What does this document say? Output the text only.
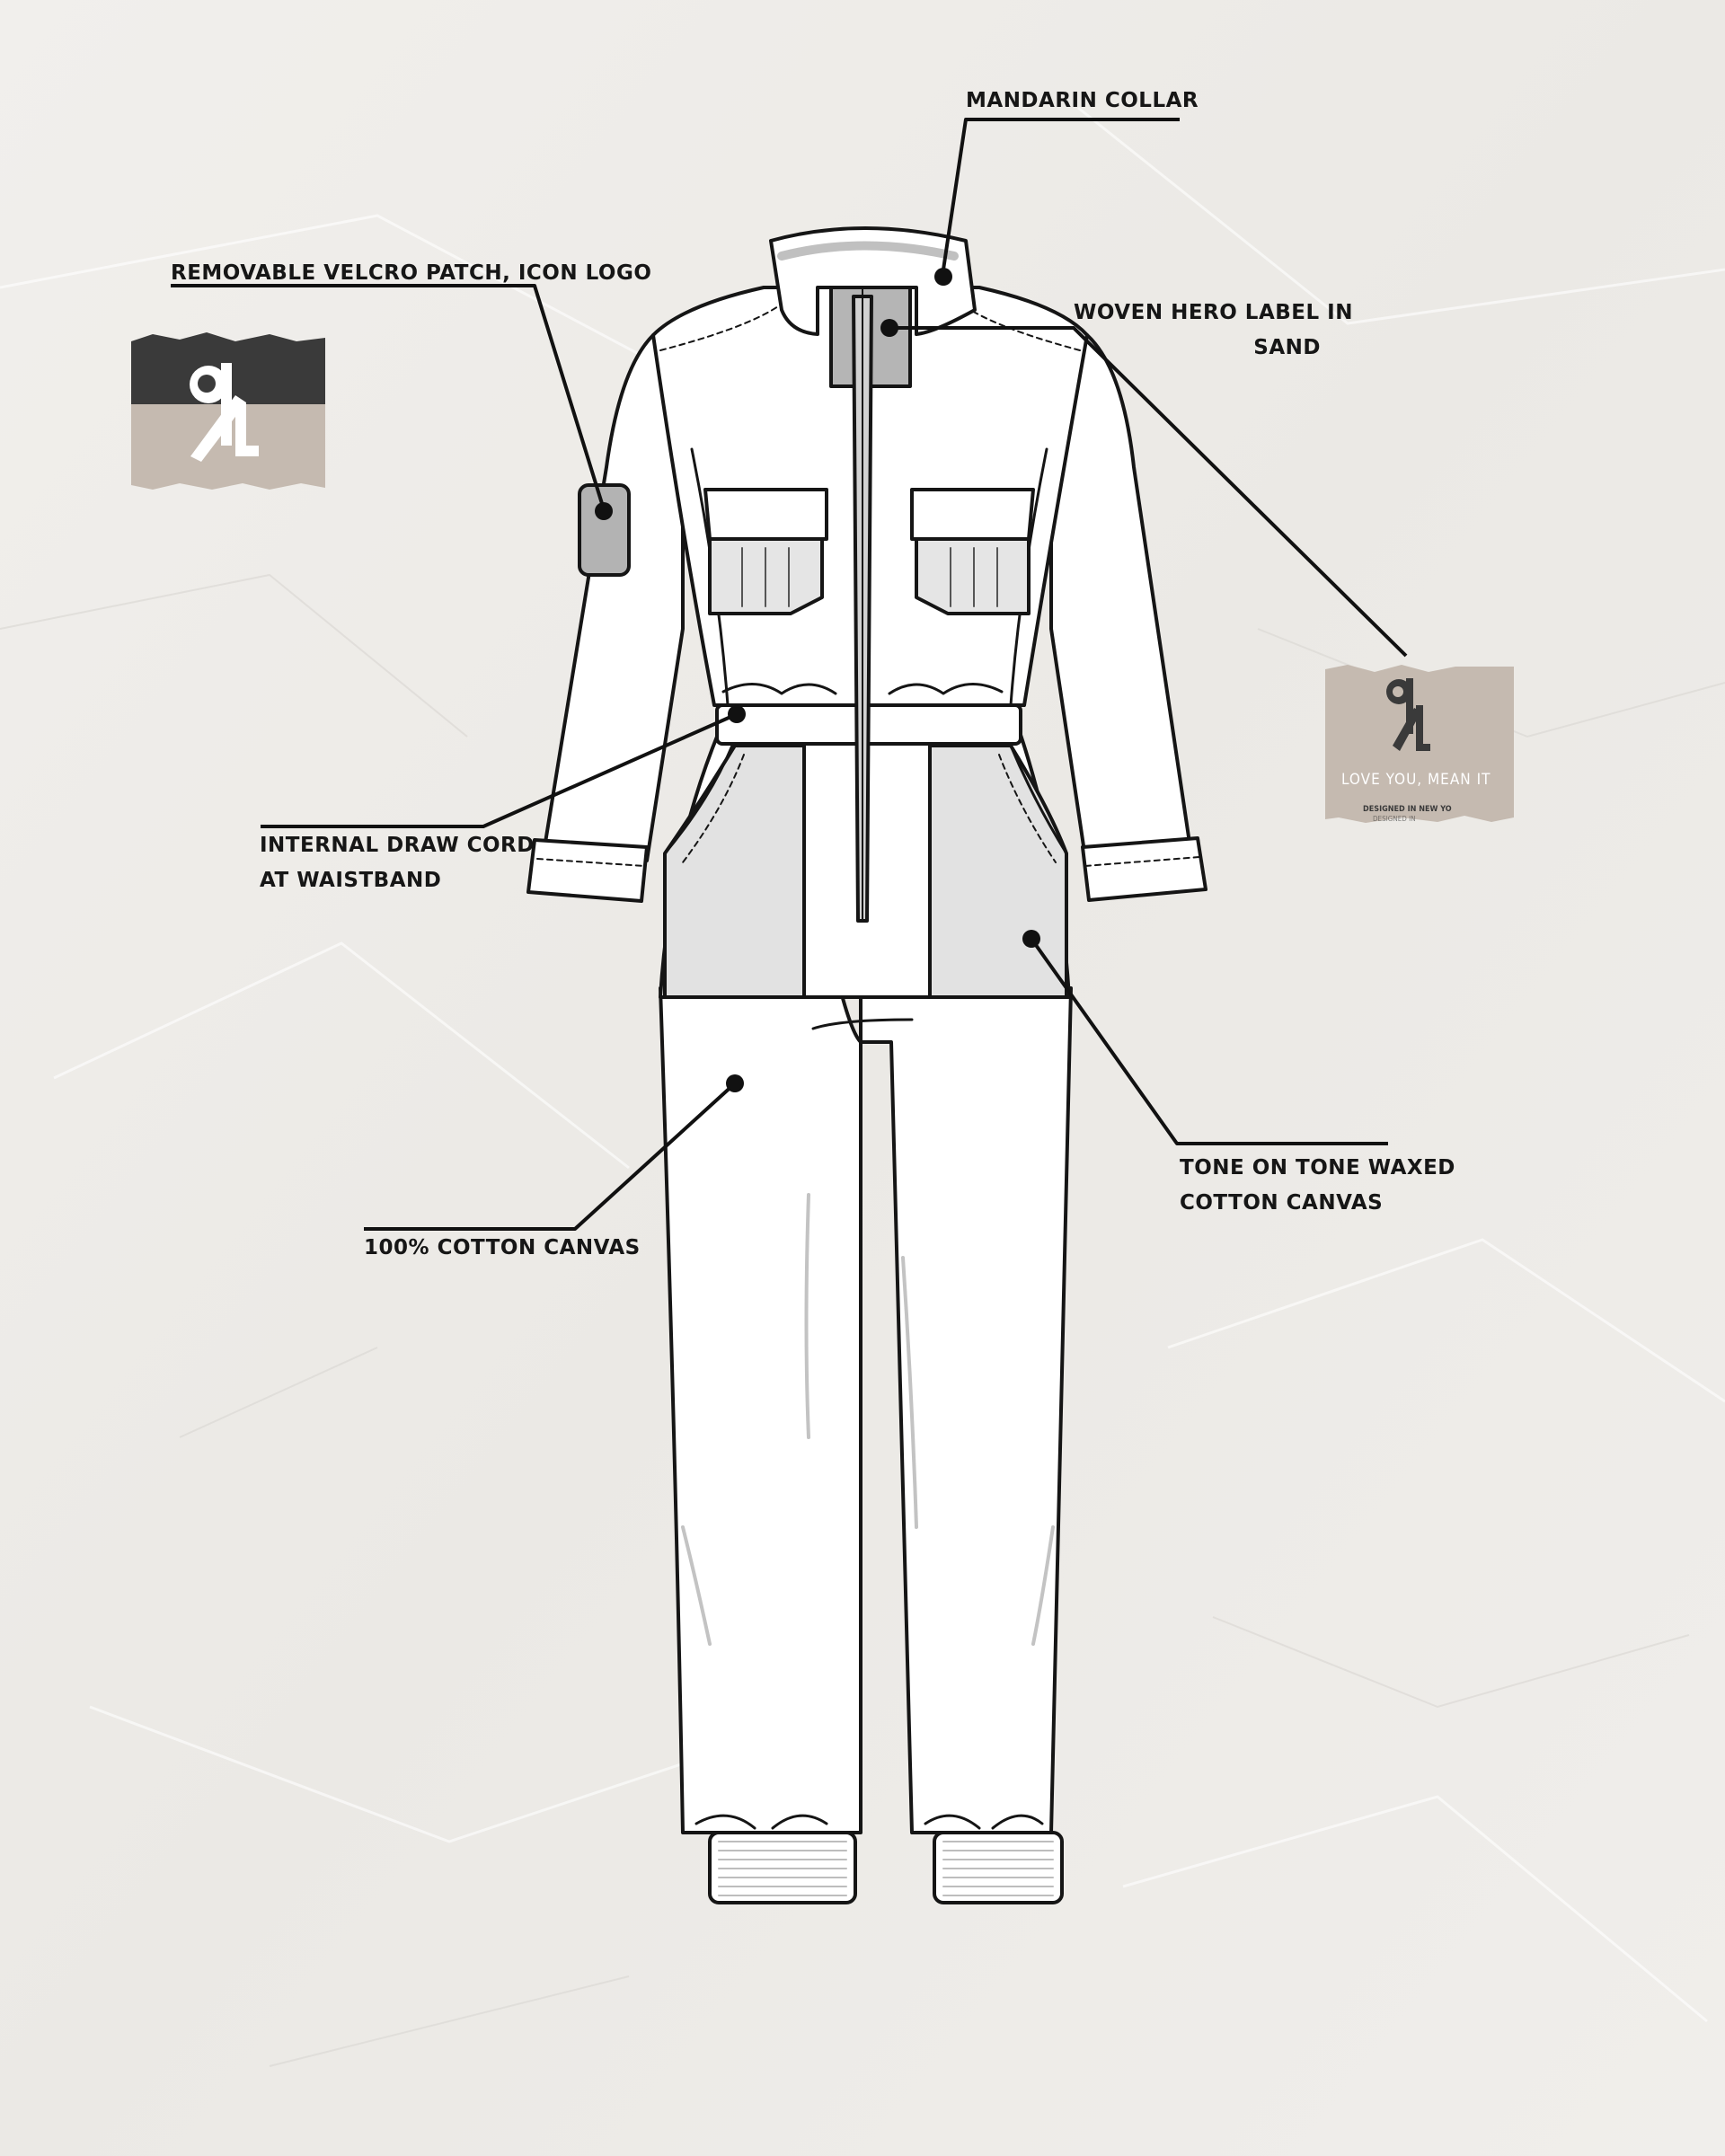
MANDARIN COLLAR
REMOVABLE VELCRO PATCH, ICON LOGO
WOVEN HERO LABEL IN
SAND
INTERNAL DRAW CORD
AT WAISTBAND
100% COTTON CANVAS
TONE ON TONE WAXED
COTTON CANVAS
LOVE YOU, MEAN IT
DESIGNED IN NEW YO
DESIGNED IN
